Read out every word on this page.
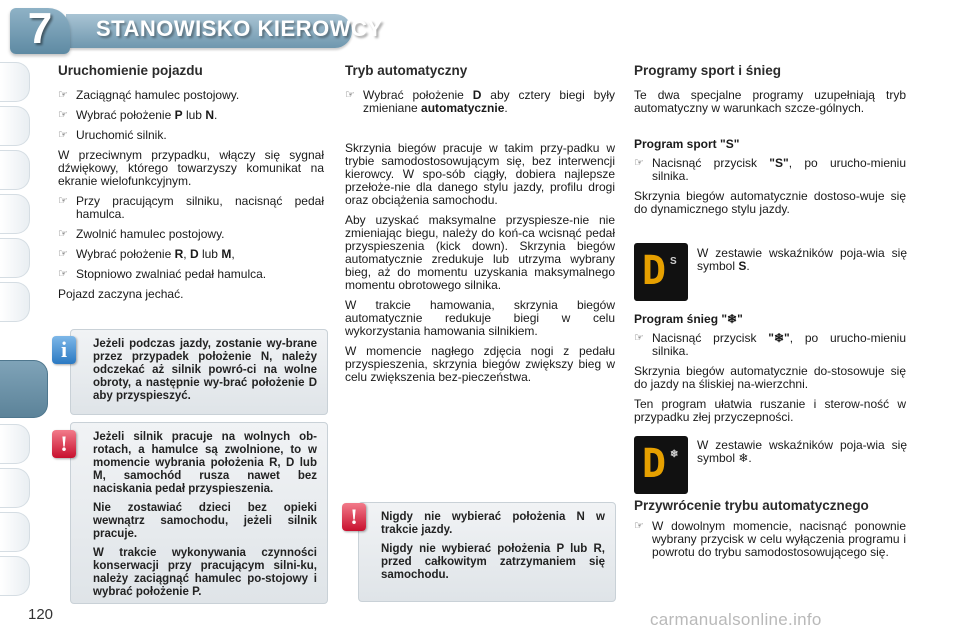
7	STANOWISKO KIEROWCY
Uruchomienie pojazdu
☞ Zaciągnąć hamulec postojowy.
☞ Wybrać położenie P lub N.
☞ Uruchomić silnik.

W przeciwnym przypadku, włączy się sygnał dźwiękowy, którego towarzyszy komunikat na ekranie wielofunkcyjnym.

☞ Przy pracującym silniku, nacisnąć pedał hamulca.
☞ Zwolnić hamulec postojowy.
☞ Wybrać położenie R, D lub M,
☞ Stopniowo zwalniać pedał hamulca.

Pojazd zaczyna jechać.

Jeżeli podczas jazdy, zostanie wy-brane przez przypadek położenie N, należy odczekać aż silnik powró-ci na wolne obroty, a następnie wy-brać położenie D aby przyspieszyć.

i

Jeżeli silnik pracuje na wolnych ob-rotach, a hamulce są zwolnione, to w momencie wybrania położenia R, D lub M, samochód rusza nawet bez naciskania pedał przyspieszenia.

Nie zostawiać dzieci bez opieki wewnątrz samochodu, jeżeli silnik pracuje.

W trakcie wykonywania czynności konserwacji przy pracującym silni-ku, należy zaciągnąć hamulec po-stojowy i wybrać położenie P.

!
Tryb automatyczny
☞ Wybrać położenie D aby cztery biegi były zmieniane automatycznie.

Skrzynia biegów pracuje w takim przy-padku w trybie samodostosowującym się, bez interwencji kierowcy. W spo-sób ciągły, dobiera najlepsze przełoże-nie dla danego stylu jazdy, profilu drogi oraz obciążenia samochodu.

Aby uzyskać maksymalne przyspiesze-nie nie zmieniając biegu, należy do koń-ca wcisnąć pedał przyspieszenia (kick down). Skrzynia biegów automatycznie zredukuje lub utrzyma wybrany bieg, aż do momentu uzyskania maksymalnego momentu obrotowego silnika.

W trakcie hamowania, skrzynia biegów automatycznie redukuje biegi w celu wykorzystania hamowania silnikiem.

W momencie nagłego zdjęcia nogi z pedału przyspieszenia, skrzynia biegów zwiększy bieg w celu zwiększenia bez-pieczeństwa.

Nigdy nie wybierać położenia N w trakcie jazdy.

Nigdy nie wybierać położenia P lub R, przed całkowitym zatrzymaniem się samochodu.

!
Programy sport i śnieg

Te dwa specjalne programy uzupełniają tryb automatyczny w warunkach szcze-gólnych.

Program sport "S"
☞ Nacisnąć przycisk "S", po urucho-mieniu silnika.

Skrzynia biegów automatycznie dostoso-wuje się do dynamicznego stylu jazdy.

Program śnieg "❄"
☞ Nacisnąć przycisk "❄", po urucho-mieniu silnika.

Skrzynia biegów automatycznie do-stosowuje się do jazdy na śliskiej na-wierzchni.

Ten program ułatwia ruszanie i sterow-ność w przypadku złej przyczepności.

Przywrócenie trybu automatycznego
☞ W dowolnym momencie, nacisnąć ponownie wybrany przycisk w celu wyłączenia programu i powrotu do trybu samodostosowującego się.
D S
W zestawie wskaźników poja-wia się symbol S.
D ❄
W zestawie wskaźników poja-wia się symbol ❄.
120	carmanualsonline.info
